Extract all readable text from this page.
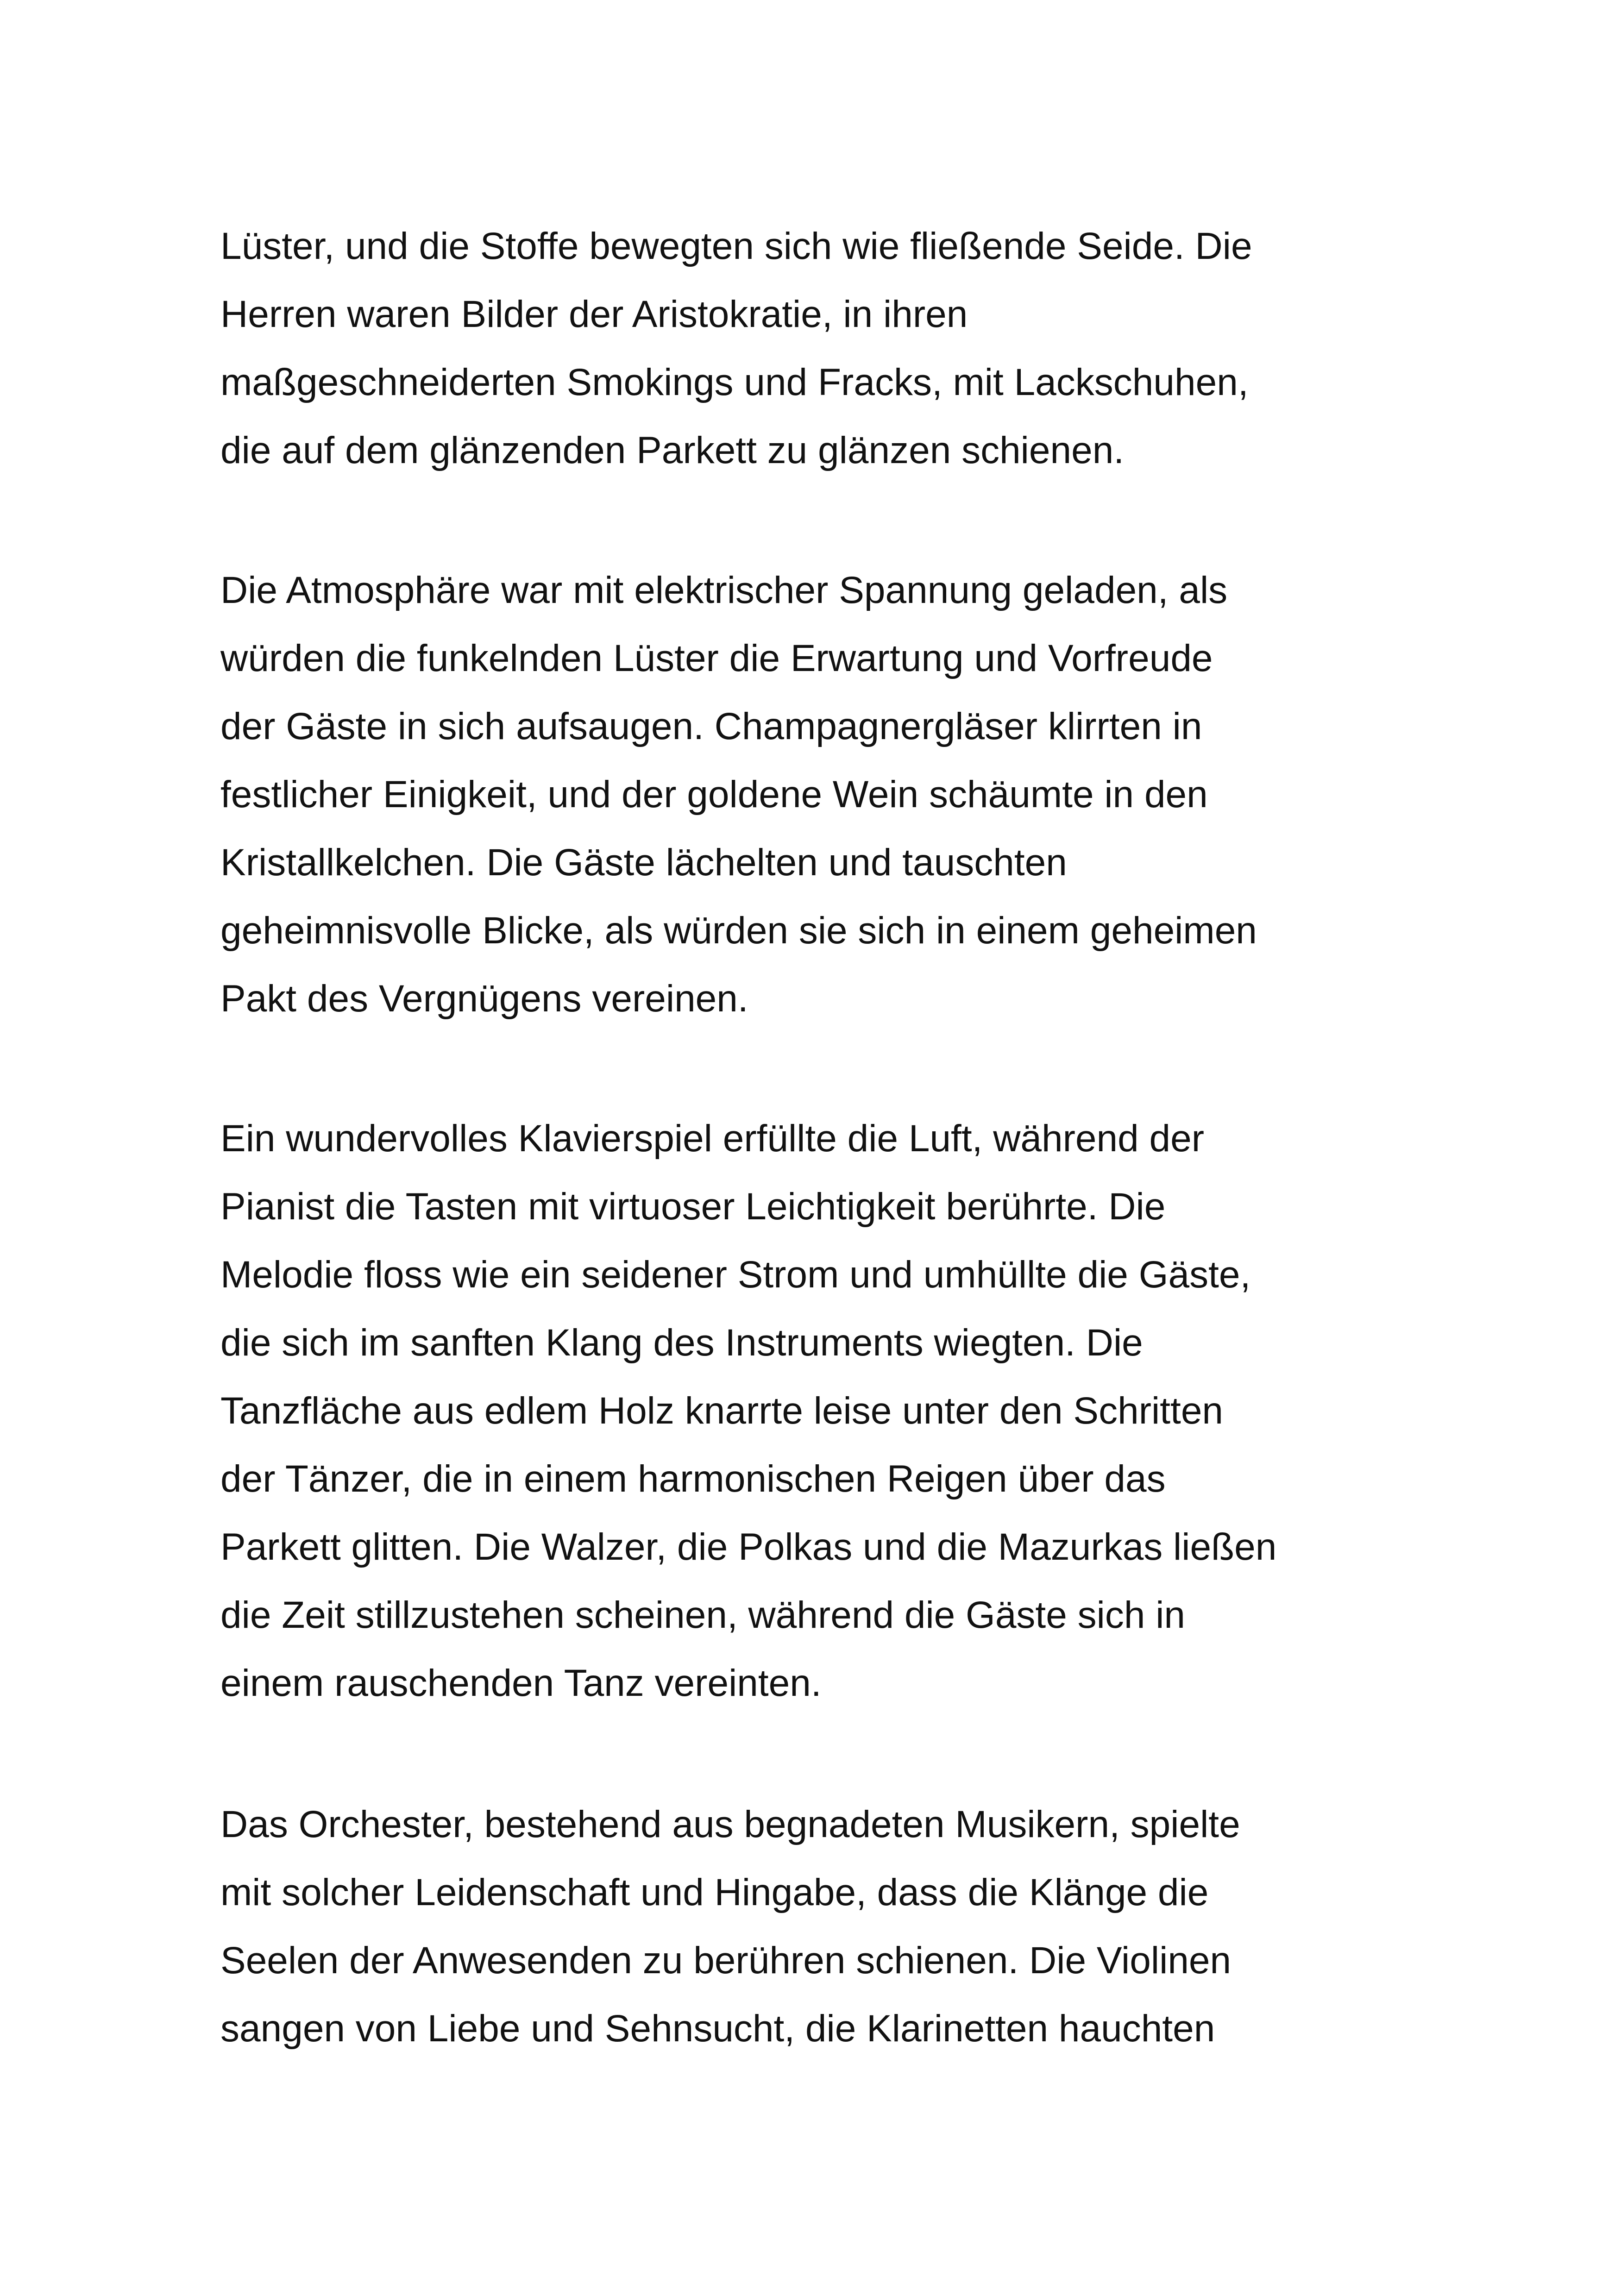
Lüster, und die Stoffe bewegten sich wie fließende Seide. Die
Herren waren Bilder der Aristokratie, in ihren
maßgeschneiderten Smokings und Fracks, mit Lackschuhen,
die auf dem glänzenden Parkett zu glänzen schienen.

Die Atmosphäre war mit elektrischer Spannung geladen, als
würden die funkelnden Lüster die Erwartung und Vorfreude
der Gäste in sich aufsaugen. Champagnergläser klirrten in
festlicher Einigkeit, und der goldene Wein schäumte in den
Kristallkelchen. Die Gäste lächelten und tauschten
geheimnisvolle Blicke, als würden sie sich in einem geheimen
Pakt des Vergnügens vereinen.

Ein wundervolles Klavierspiel erfüllte die Luft, während der
Pianist die Tasten mit virtuoser Leichtigkeit berührte. Die
Melodie floss wie ein seidener Strom und umhüllte die Gäste,
die sich im sanften Klang des Instruments wiegten. Die
Tanzfläche aus edlem Holz knarrte leise unter den Schritten
der Tänzer, die in einem harmonischen Reigen über das
Parkett glitten. Die Walzer, die Polkas und die Mazurkas ließen
die Zeit stillzustehen scheinen, während die Gäste sich in
einem rauschenden Tanz vereinten.

Das Orchester, bestehend aus begnadeten Musikern, spielte
mit solcher Leidenschaft und Hingabe, dass die Klänge die
Seelen der Anwesenden zu berühren schienen. Die Violinen
sangen von Liebe und Sehnsucht, die Klarinetten hauchten
